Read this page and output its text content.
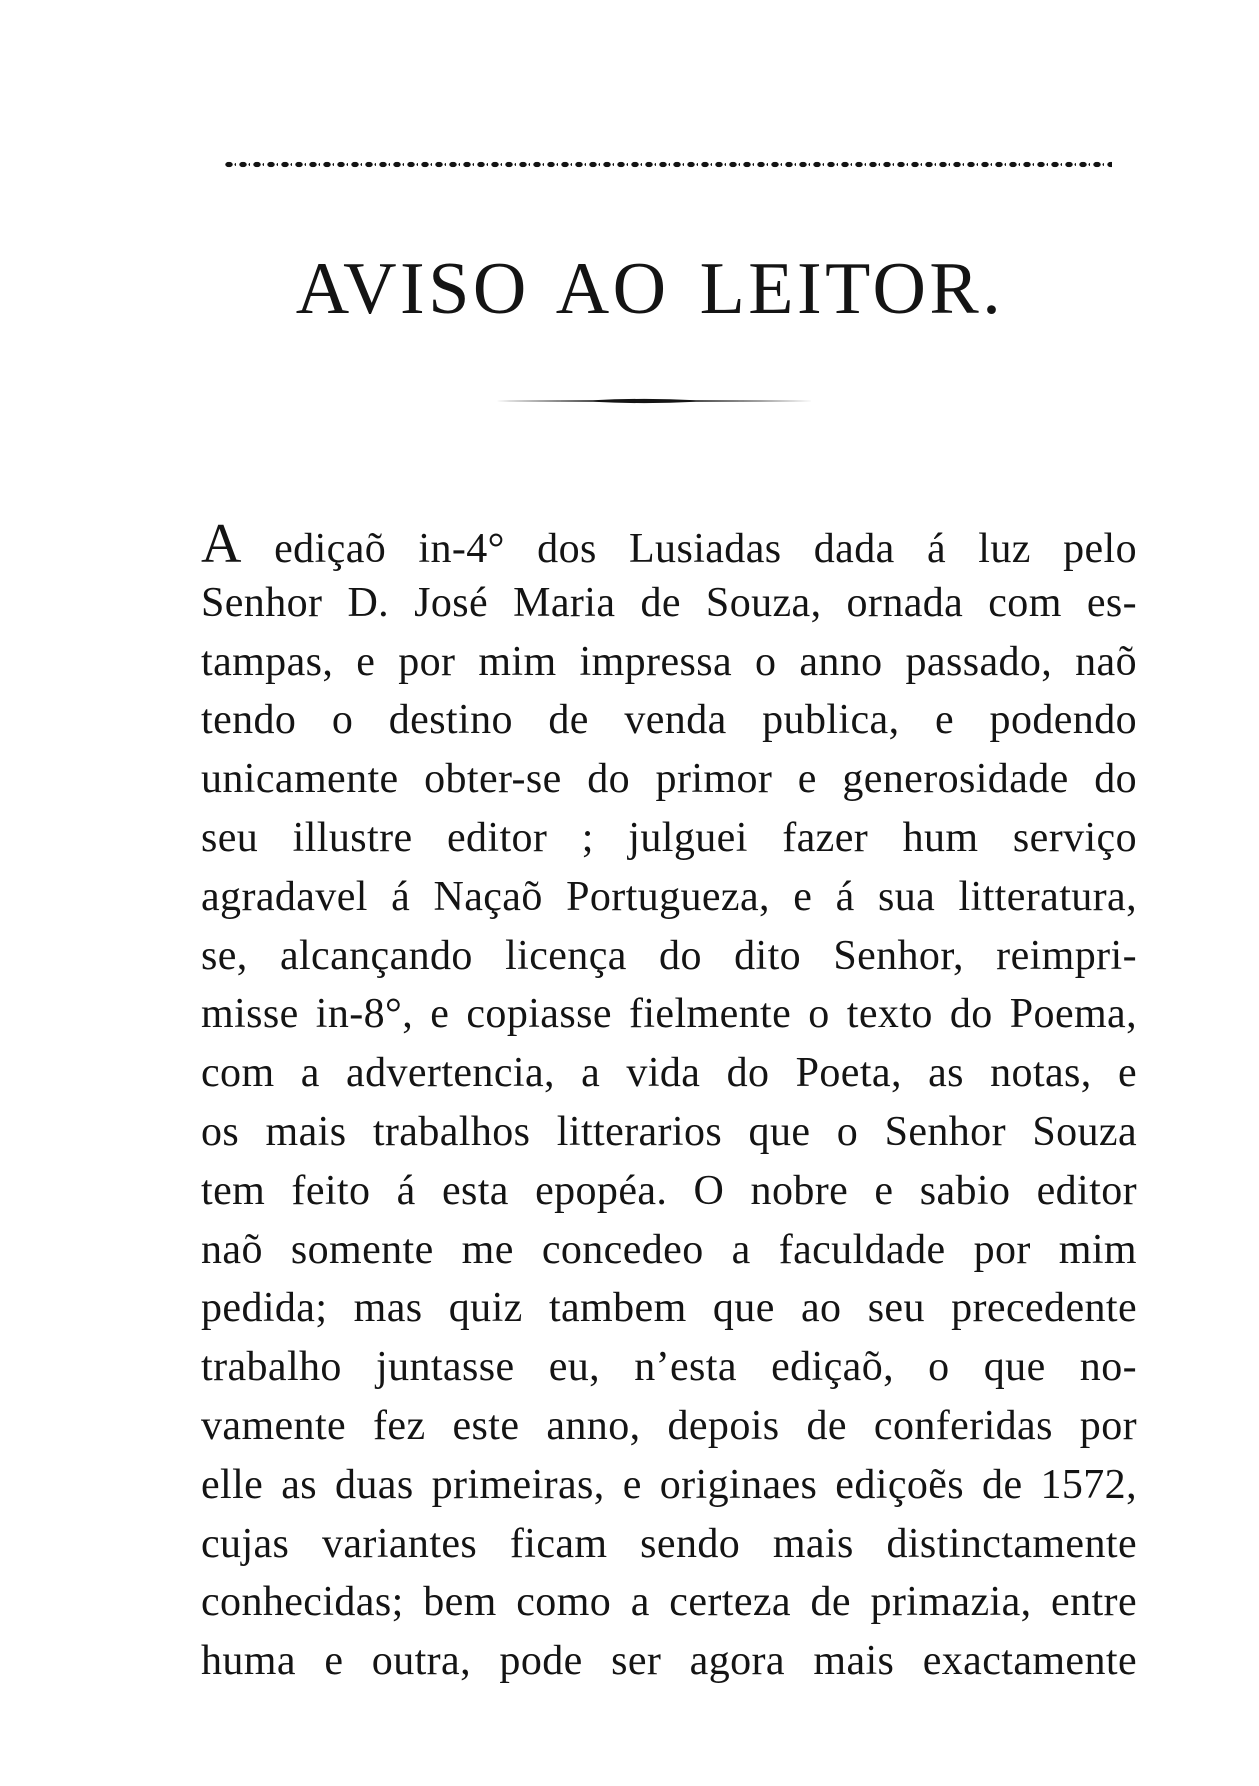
AVISO AO LEITOR.
A ediçaõ in-4° dos Lusiadas dada á luz pelo
Senhor D. José Maria de Souza, ornada com es-
tampas, e por mim impressa o anno passado, naõ
tendo o destino de venda publica, e podendo
unicamente obter-se do primor e generosidade do
seu illustre editor ; julguei fazer hum serviço
agradavel á Naçaõ Portugueza, e á sua litteratura,
se, alcançando licença do dito Senhor, reimpri-
misse in-8°, e copiasse fielmente o texto do Poema,
com a advertencia, a vida do Poeta, as notas, e
os mais trabalhos litterarios que o Senhor Souza
tem feito á esta epopéa. O nobre e sabio editor
naõ somente me concedeo a faculdade por mim
pedida; mas quiz tambem que ao seu precedente
trabalho juntasse eu, n’esta ediçaõ, o que no-
vamente fez este anno, depois de conferidas por
elle as duas primeiras, e originaes ediçoẽs de 1572,
cujas variantes ficam sendo mais distinctamente
conhecidas; bem como a certeza de primazia, entre
huma e outra, pode ser agora mais exactamente
